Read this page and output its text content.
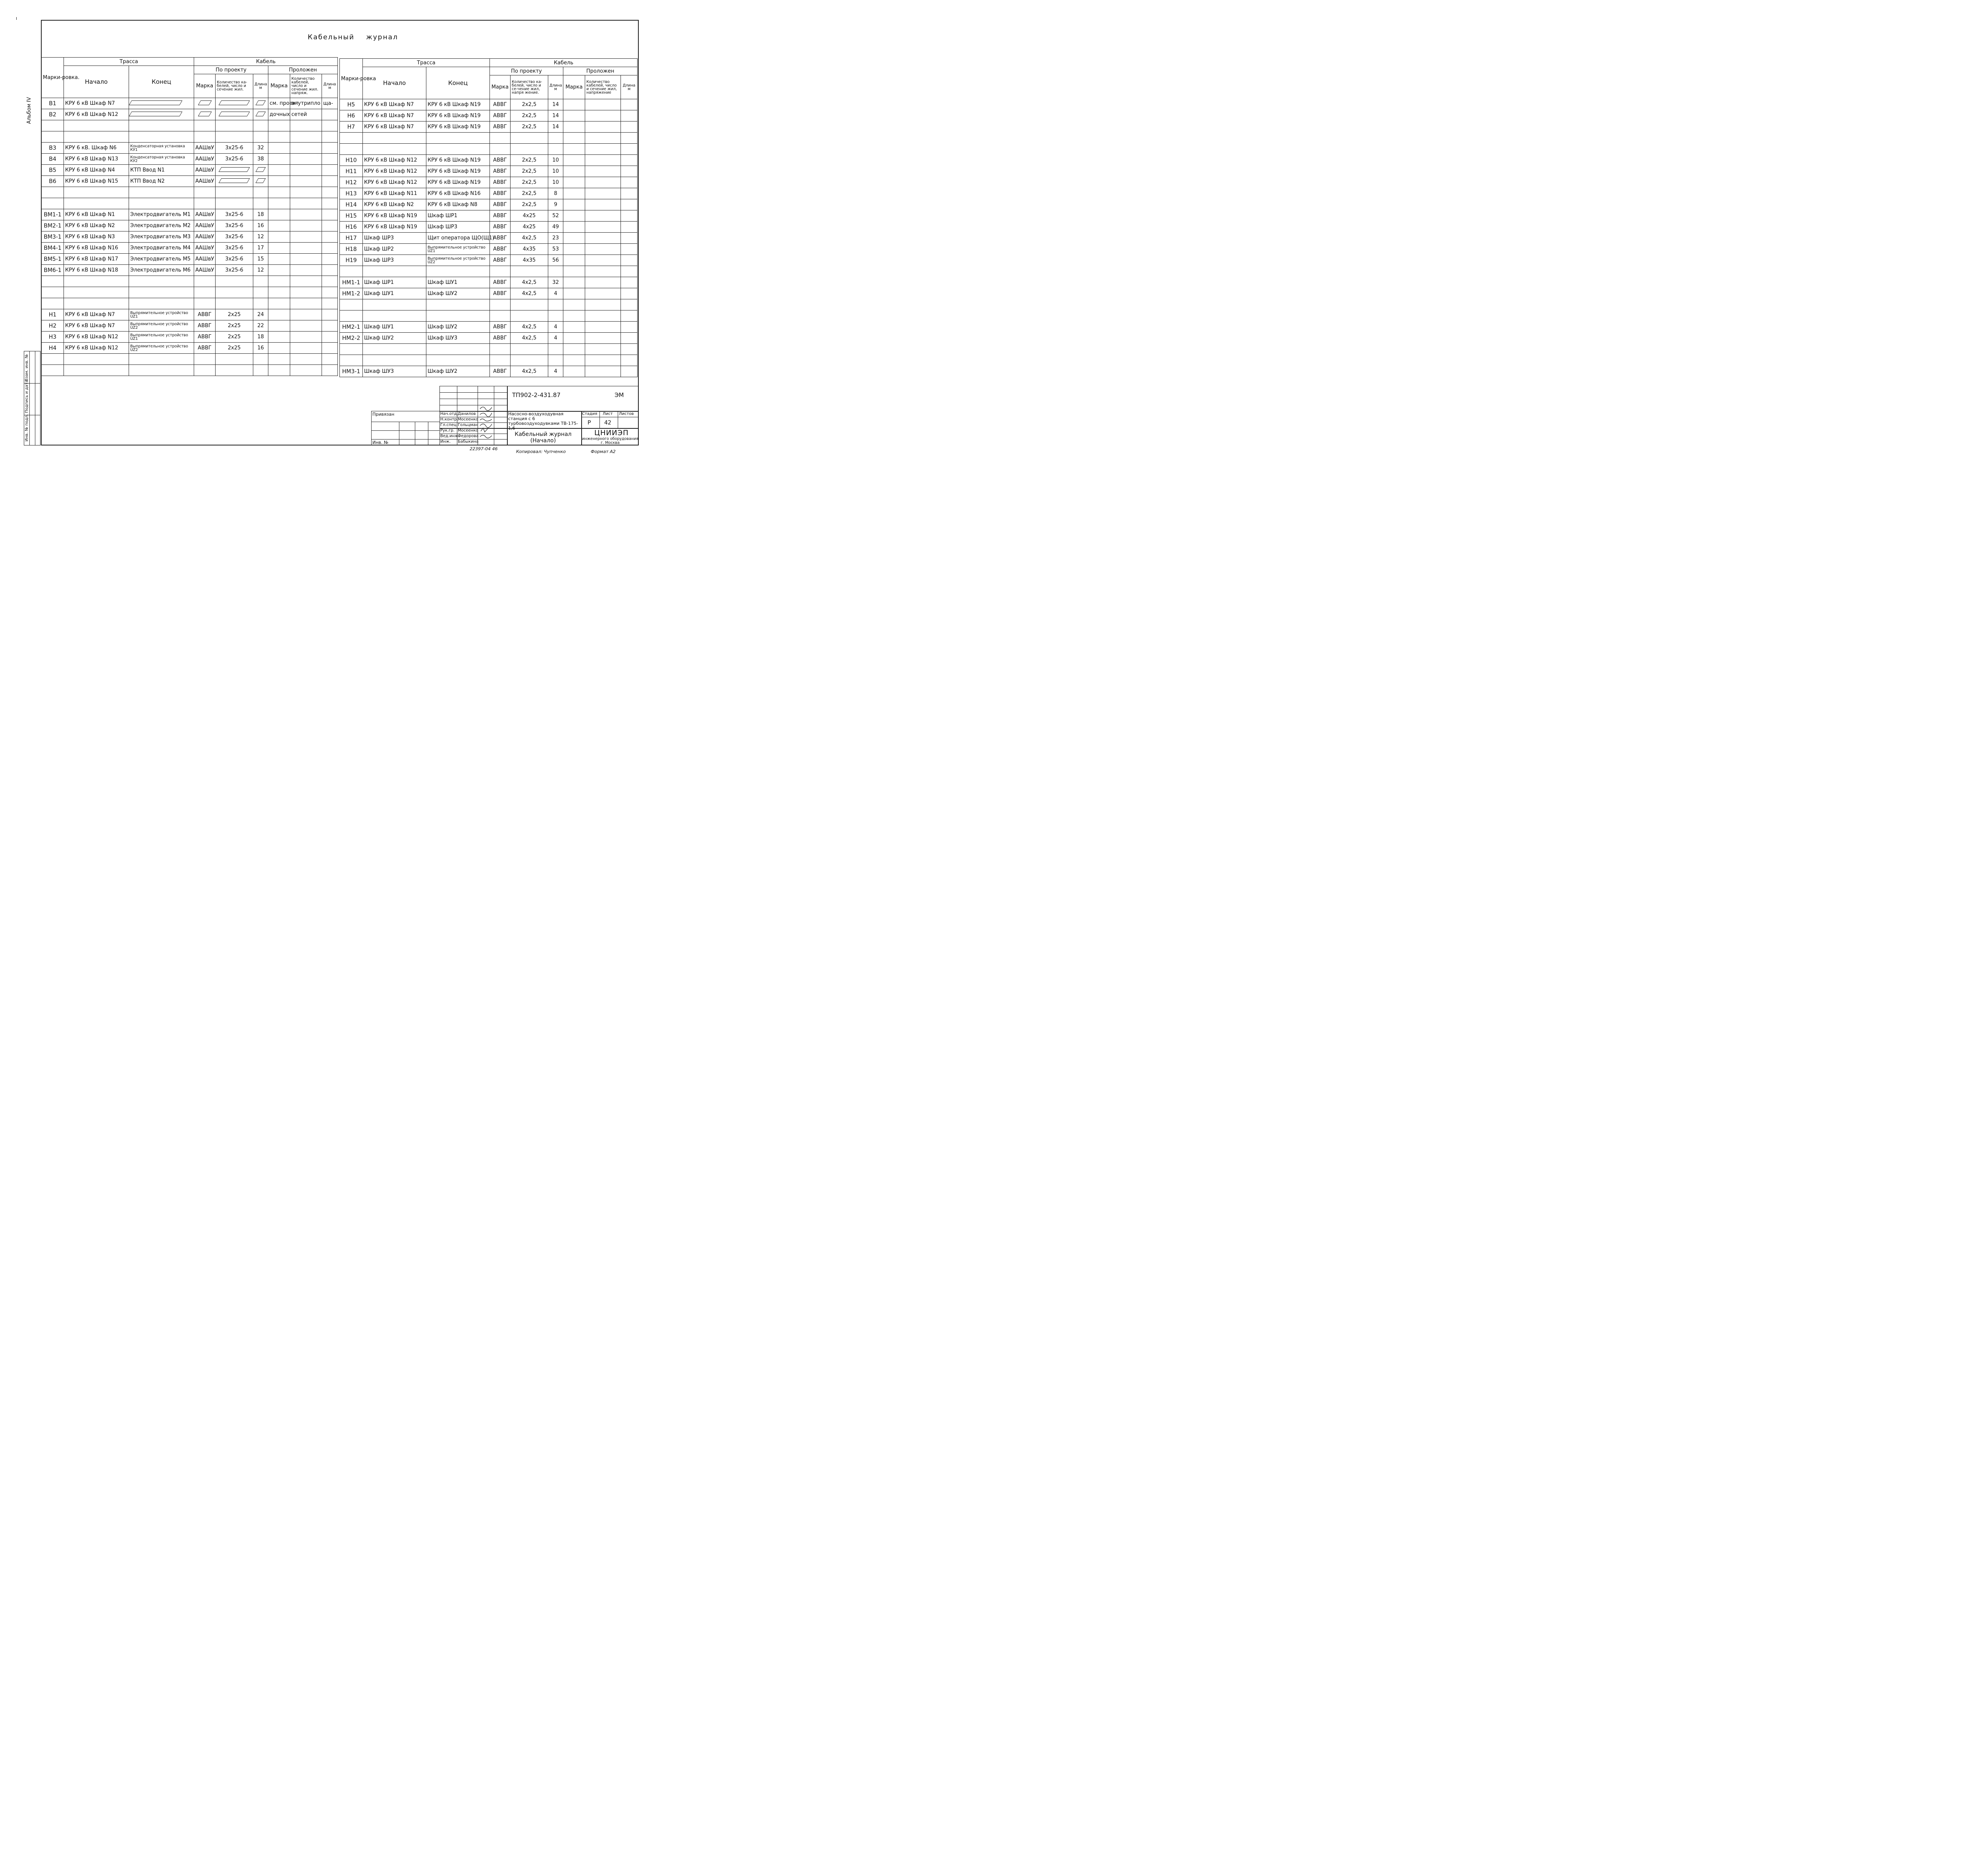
I
Альбом IV
Инв. № подл.
Подпись и дата
Взам. инв. №
Кабельный журнал
Марки-ровка.	Трасса		Кабель					
	Начало	Конец	По проекту			Проложен		
			Марка	Количество ка-белей, число и сечение жил.	Длина м	Марка	Количество кабелей, число и сечение жил. напряж.	Длина м
В1	КРУ 6 кВ Шкаф N7					см. проект	внутрипло	ща-
В2	КРУ 6 кВ Шкаф N12					дочных	сетей	

В3	КРУ 6 кВ. Шкаф N6	Конденсаторная установка КУ1	ААШвУ	3х25-6	32			
В4	КРУ 6 кВ Шкаф N13	Конденсаторная установка КУ2	ААШвУ	3х25-6	38			
В5	КРУ 6 кВ Шкаф N4	КТП Ввод N1	ААШвУ					
В6	КРУ 6 кВ Шкаф N15	КТП Ввод N2	ААШвУ					

ВМ1-1	КРУ 6 кВ Шкаф N1	Электродвигатель М1	ААШвУ	3х25-6	18			
ВМ2-1	КРУ 6 кВ Шкаф N2	Электродвигатель М2	ААШвУ	3х25-6	16			
ВМ3-1	КРУ 6 кВ Шкаф N3	Электродвигатель М3	ААШвУ	3х25-6	12			
ВМ4-1	КРУ 6 кВ Шкаф N16	Электродвигатель М4	ААШвУ	3х25-6	17			
ВМ5-1	КРУ 6 кВ Шкаф N17	Электродвигатель М5	ААШвУ	3х25-6	15			
ВМ6-1	КРУ 6 кВ Шкаф N18	Электродвигатель М6	ААШвУ	3х25-6	12			

Н1	КРУ 6 кВ Шкаф N7	Выпрямительное устройство UZ1	АВВГ	2х25	24			
Н2	КРУ 6 кВ Шкаф N7	Выпрямительное устройство UZ2	АВВГ	2х25	22			
Н3	КРУ 6 кВ Шкаф N12	Выпрямительное устройство UZ1	АВВГ	2х25	18			
Н4	КРУ 6 кВ Шкаф N12	Выпрямительное устройство UZ2	АВВГ	2х25	16			

Марки-ровка	Трасса		Кабель					
	Начало	Конец	По проекту			Проложен		
			Марка	Количество ка-белей, число и се-чение жил, напря жение.	Длина м	Марка	Количество кабелей, число и сечение жил, напряжение	Длина м
Н5	КРУ 6 кВ Шкаф N7	КРУ 6 кВ Шкаф N19	АВВГ	2х2,5	14			
Н6	КРУ 6 кВ Шкаф N7	КРУ 6 кВ Шкаф N19	АВВГ	2х2,5	14			
Н7	КРУ 6 кВ Шкаф N7	КРУ 6 кВ Шкаф N19	АВВГ	2х2,5	14			

Н10	КРУ 6 кВ Шкаф N12	КРУ 6 кВ Шкаф N19	АВВГ	2х2,5	10			
Н11	КРУ 6 кВ Шкаф N12	КРУ 6 кВ Шкаф N19	АВВГ	2х2,5	10			
Н12	КРУ 6 кВ Шкаф N12	КРУ 6 кВ Шкаф N19	АВВГ	2х2,5	10			
Н13	КРУ 6 кВ Шкаф N11	КРУ 6 кВ Шкаф N16	АВВГ	2х2,5	8			
Н14	КРУ 6 кВ Шкаф N2	КРУ 6 кВ Шкаф N8	АВВГ	2х2,5	9			
Н15	КРУ 6 кВ Шкаф N19	Шкаф ШР1	АВВГ	4х25	52			
Н16	КРУ 6 кВ Шкаф N19	Шкаф ШР3	АВВГ	4х25	49			
Н17	Шкаф ШР3	Щит оператора ЩО(Щ1)	АВВГ	4х2,5	23			
Н18	Шкаф ШР2	Выпрямительное устройство UZ1	АВВГ	4х35	53			
Н19	Шкаф ШР3	Выпрямительное устройство UZ2	АВВГ	4х35	56			

НМ1-1	Шкаф ШР1	Шкаф ШУ1	АВВГ	4х2,5	32			
НМ1-2	Шкаф ШУ1	Шкаф ШУ2	АВВГ	4х2,5	4			

НМ2-1	Шкаф ШУ1	Шкаф ШУ2	АВВГ	4х2,5	4			
НМ2-2	Шкаф ШУ2	Шкаф ШУ3	АВВГ	4х2,5	4			

НМ3-1	Шкаф ШУ3	Шкаф ШУ2	АВВГ	4х2,5	4			
ТП902-2-431.87	ЭМ
Привязан
Инв. №
Нач.отд.
Н.контр.
Гл.спец.
Рук.гр.
Вед.инж.
Инж.
Данилов
Мосеенко
Гольцман
Мосеенко
Федорова
Бабыкина
Насосно-воздуходувная станция с 6 турбовоздуходувками ТВ-175-1,6
Кабельный журнал (Начало)
Стадия Лист Листов
Р 42
ЦНИИЭП
инженерного оборудования г. Москва
22397-04 46
Копировал: Чупченко	Формат А2
